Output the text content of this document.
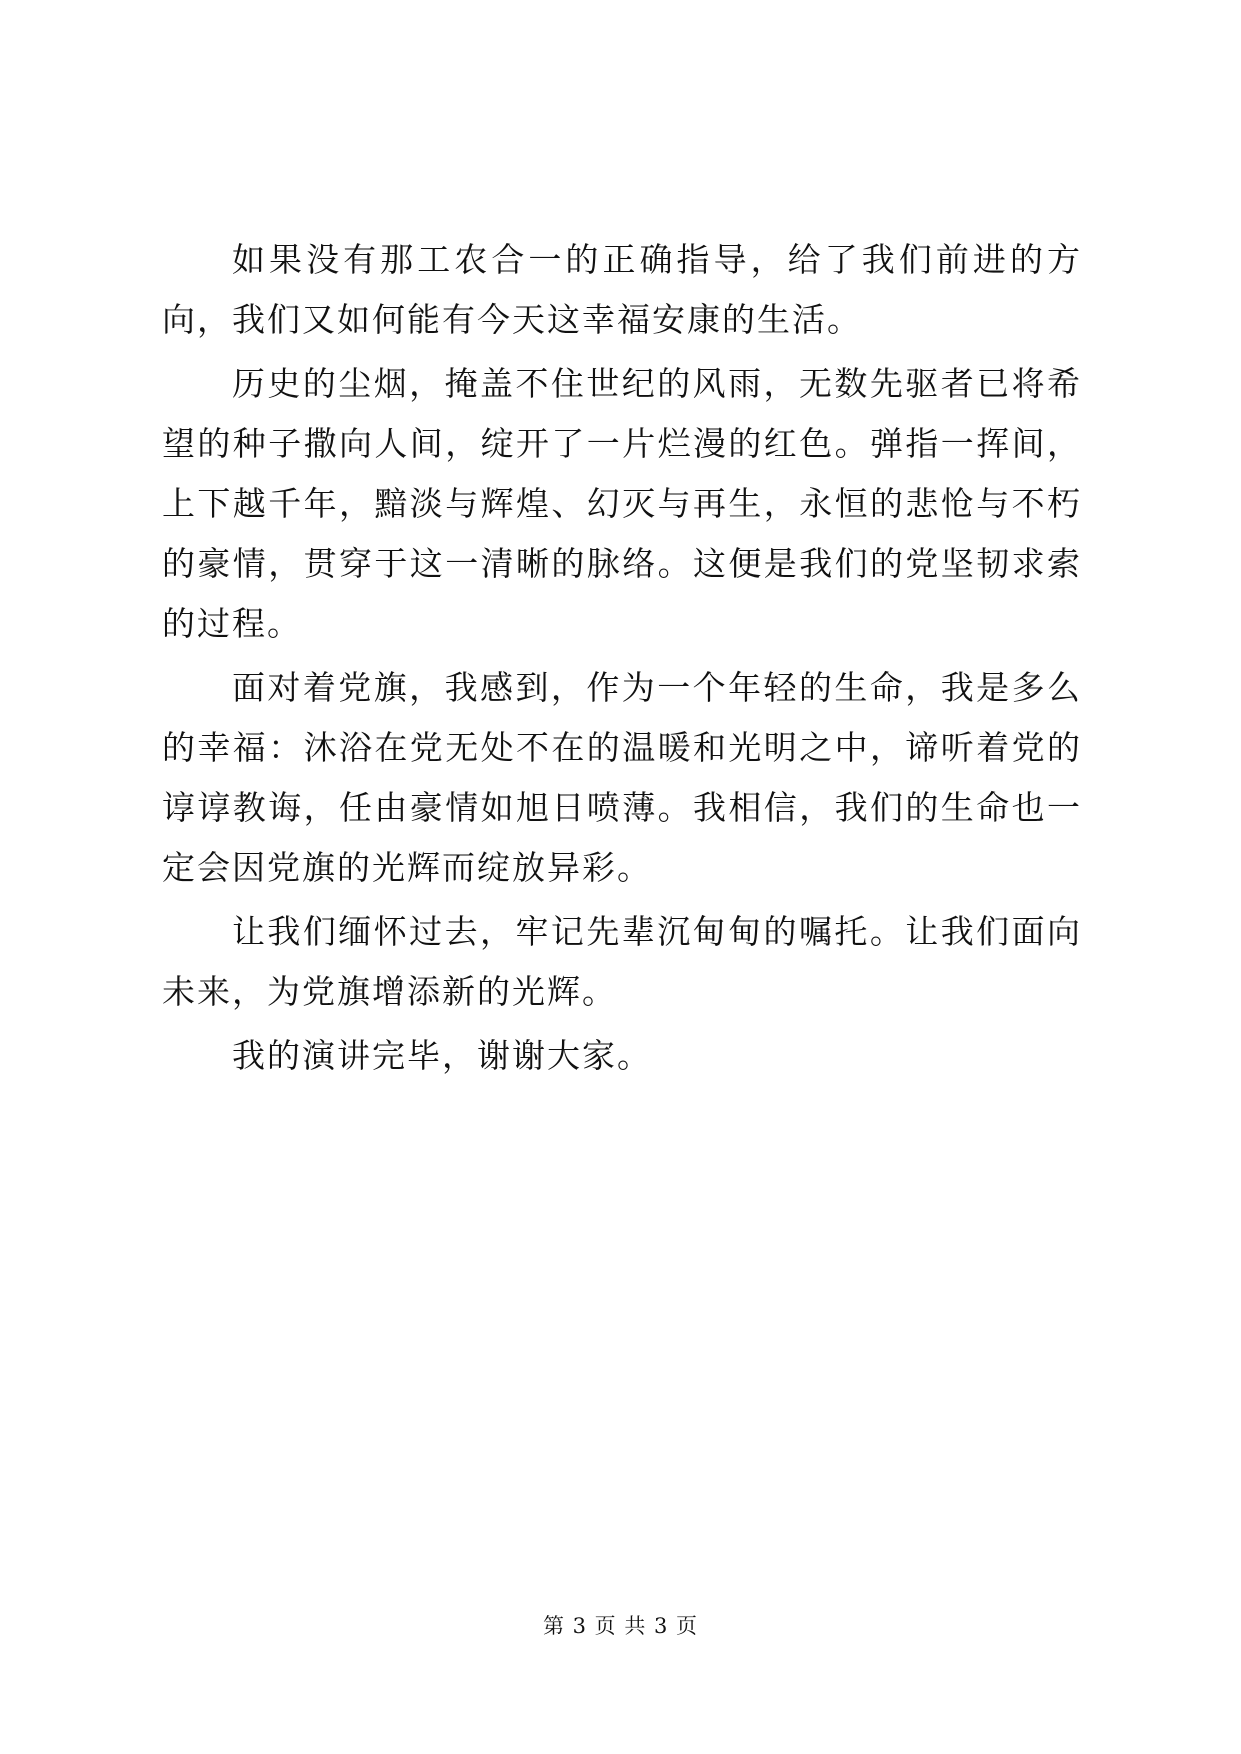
如果没有那工农合一的正确指导，给了我们前进的方向，我们又如何能有今天这幸福安康的生活。

历史的尘烟，掩盖不住世纪的风雨，无数先驱者已将希望的种子撒向人间，绽开了一片烂漫的红色。弹指一挥间，上下越千年，黯淡与辉煌、幻灭与再生，永恒的悲怆与不朽的豪情，贯穿于这一清晰的脉络。这便是我们的党坚韧求索的过程。

面对着党旗，我感到，作为一个年轻的生命，我是多么的幸福：沐浴在党无处不在的温暖和光明之中，谛听着党的谆谆教诲，任由豪情如旭日喷薄。我相信，我们的生命也一定会因党旗的光辉而绽放异彩。

让我们缅怀过去，牢记先辈沉甸甸的嘱托。让我们面向未来，为党旗增添新的光辉。

我的演讲完毕，谢谢大家。

第 3 页 共 3 页
